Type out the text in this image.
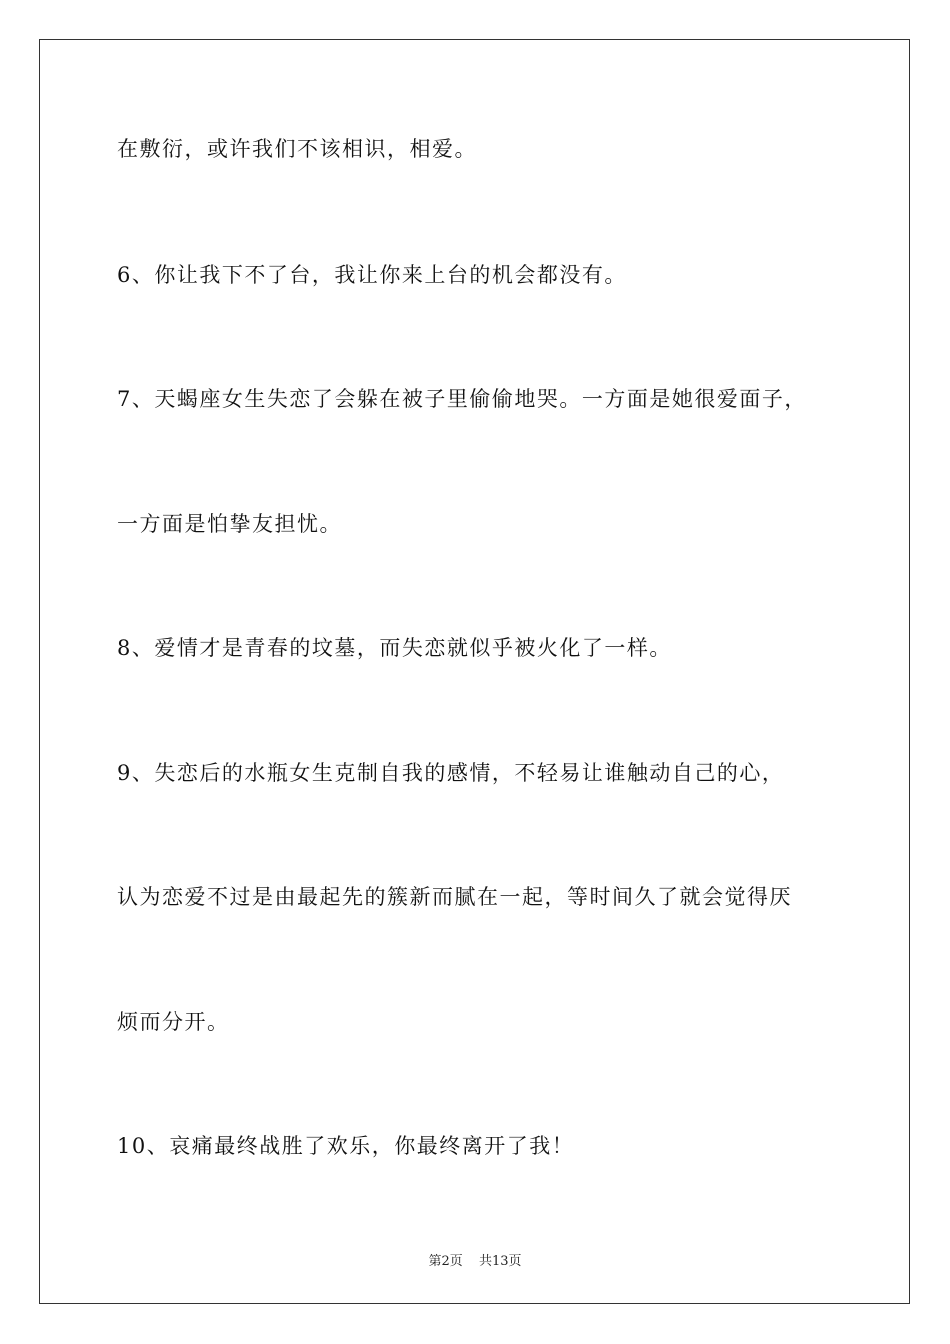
在敷衍，或许我们不该相识，相爱。
6、你让我下不了台，我让你来上台的机会都没有。
7、天蝎座女生失恋了会躲在被子里偷偷地哭。一方面是她很爱面子，
一方面是怕挚友担忧。
8、爱情才是青春的坟墓，而失恋就似乎被火化了一样。
9、失恋后的水瓶女生克制自我的感情，不轻易让谁触动自己的心，
认为恋爱不过是由最起先的簇新而腻在一起，等时间久了就会觉得厌
烦而分开。
10、哀痛最终战胜了欢乐，你最终离开了我！
第2页 共13页
